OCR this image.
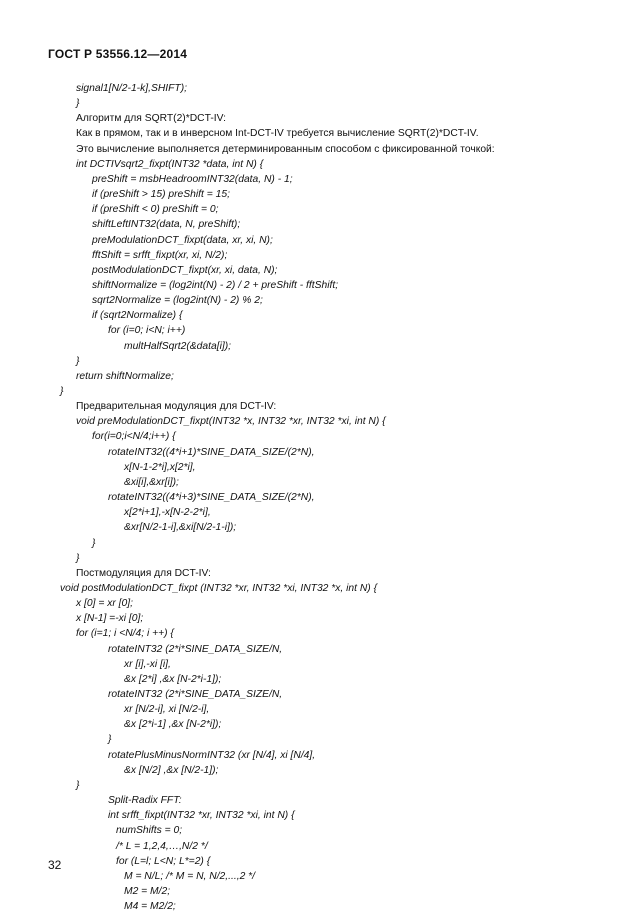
ГОСТ Р 53556.12—2014
signal1[N/2-1-k],SHIFT);
}
Алгоритм для SQRT(2)*DCT-IV:
Как в прямом, так и в инверсном Int-DCT-IV требуется вычисление SQRT(2)*DCT-IV.
Это вычисление выполняется детерминированным способом с фиксированной точкой:
int DCTIVsqrt2_fixpt(INT32 *data, int N) {
preShift = msbHeadroomINT32(data, N) - 1;
if (preShift > 15) preShift = 15;
if (preShift < 0) preShift = 0;
shiftLeftINT32(data, N, preShift);
preModulationDCT_fixpt(data, xr, xi, N);
fftShift = srfft_fixpt(xr, xi, N/2);
postModulationDCT_fixpt(xr, xi, data, N);
shiftNormalize = (log2int(N) - 2) / 2 + preShift - fftShift;
sqrt2Normalize = (log2int(N) - 2) % 2;
if (sqrt2Normalize) {
for (i=0; i<N; i++)
multHalfSqrt2(&data[i]);
}
return shiftNormalize;
}
Предварительная модуляция для DCT-IV:
void preModulationDCT_fixpt(INT32 *x, INT32 *xr, INT32 *xi, int N) {
for(i=0;i<N/4;i++) {
rotateINT32((4*i+1)*SINE_DATA_SIZE/(2*N),
x[N-1-2*i],x[2*i],
&xi[i],&xr[i]);
rotateINT32((4*i+3)*SINE_DATA_SIZE/(2*N),
x[2*i+1],-x[N-2-2*i],
&xr[N/2-1-i],&xi[N/2-1-i]);
}
}
Постмодуляция для DCT-IV:
void postModulationDCT_fixpt (INT32 *xr, INT32 *xi, INT32 *x, int N) {
x [0] = xr [0];
x [N-1] =-xi [0];
for (i=1; i <N/4; i ++) {
rotateINT32 (2*i*SINE_DATA_SIZE/N,
xr [i],-xi [i],
&x [2*i] ,&x [N-2*i-1]);
rotateINT32 (2*i*SINE_DATA_SIZE/N,
xr [N/2-i], xi [N/2-i],
&x [2*i-1] ,&x [N-2*i]);
}
rotatePlusMinusNormINT32 (xr [N/4], xi [N/4],
&x [N/2] ,&x [N/2-1]);
}
Split-Radix FFT:
int srfft_fixpt(INT32 *xr, INT32 *xi, int N) {
numShifts = 0;
/* L = 1,2,4,…,N/2 */
for (L=l; L<N; L*=2) {
M = N/L; /* M = N, N/2,...,2 */
M2 = M/2;
M4 = M2/2;
32
